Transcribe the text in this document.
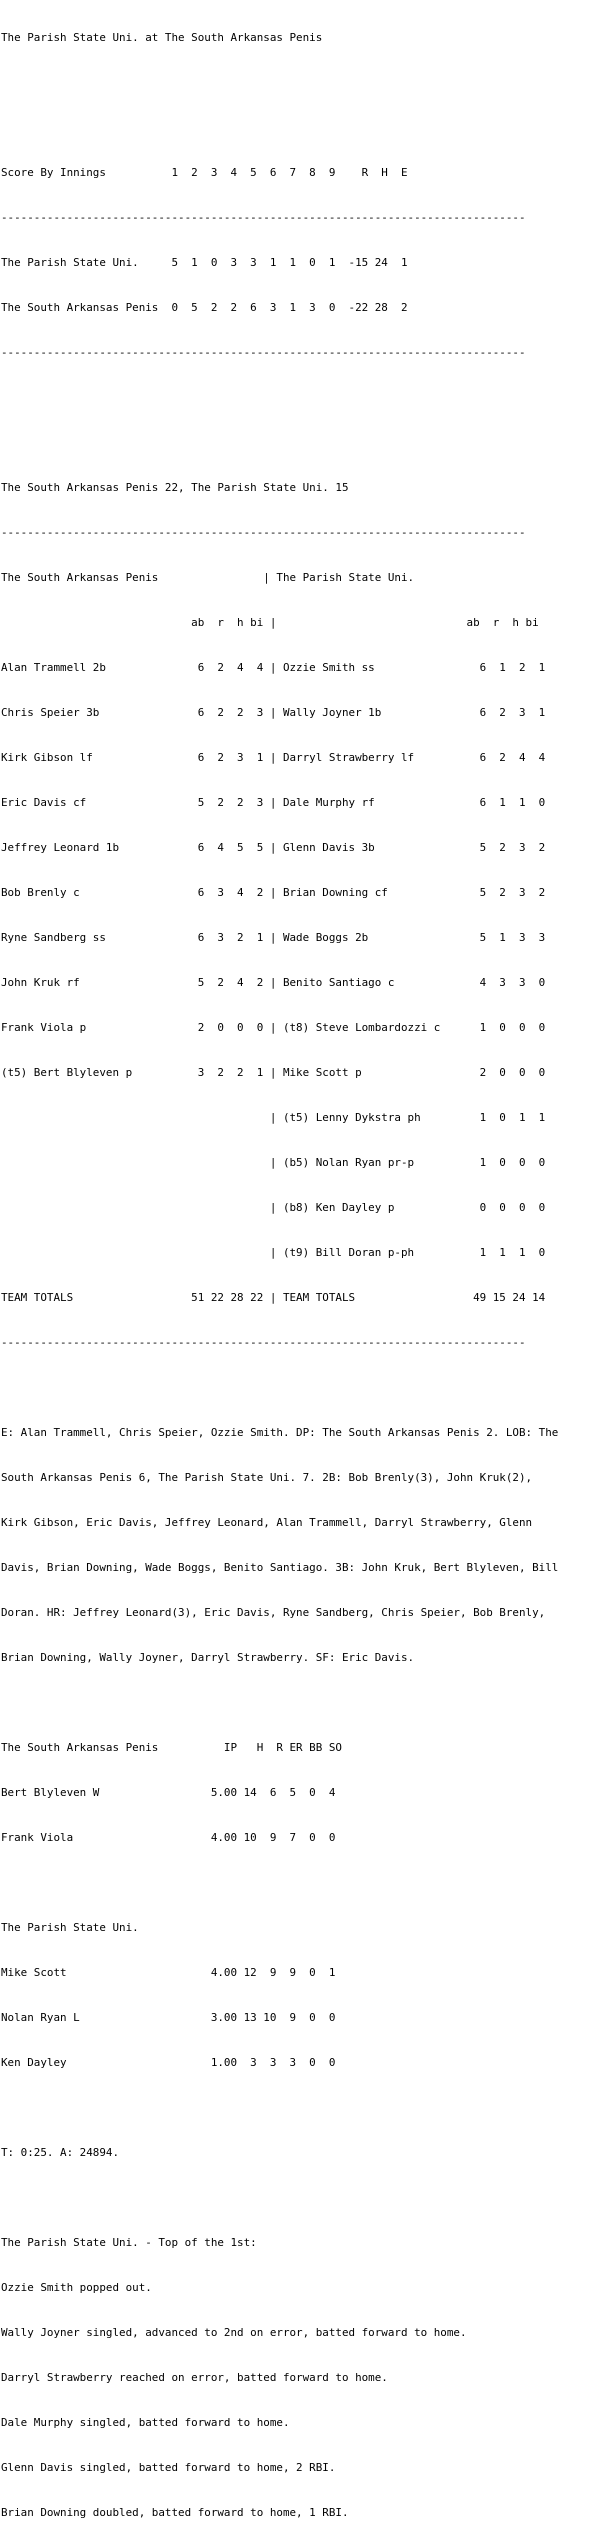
The Parish State Uni. at The South Arkansas Penis

Score By Innings          1  2  3  4  5  6  7  8  9    R  H  E

--------------------------------------------------------------------------------

The Parish State Uni.     5  1  0  3  3  1  1  0  1  -15 24  1

The South Arkansas Penis  0  5  2  2  6  3  1  3  0  -22 28  2

--------------------------------------------------------------------------------

The South Arkansas Penis 22, The Parish State Uni. 15

--------------------------------------------------------------------------------

The South Arkansas Penis                | The Parish State Uni.

ab  r  h bi |                             ab  r  h bi

Alan Trammell 2b              6  2  4  4 | Ozzie Smith ss                6  1  2  1

Chris Speier 3b               6  2  2  3 | Wally Joyner 1b               6  2  3  1

Kirk Gibson lf                6  2  3  1 | Darryl Strawberry lf          6  2  4  4

Eric Davis cf                 5  2  2  3 | Dale Murphy rf                6  1  1  0

Jeffrey Leonard 1b            6  4  5  5 | Glenn Davis 3b                5  2  3  2

Bob Brenly c                  6  3  4  2 | Brian Downing cf              5  2  3  2

Ryne Sandberg ss              6  3  2  1 | Wade Boggs 2b                 5  1  3  3

John Kruk rf                  5  2  4  2 | Benito Santiago c             4  3  3  0

Frank Viola p                 2  0  0  0 | (t8) Steve Lombardozzi c      1  0  0  0

(t5) Bert Blyleven p          3  2  2  1 | Mike Scott p                  2  0  0  0

| (t5) Lenny Dykstra ph         1  0  1  1

| (b5) Nolan Ryan pr-p          1  0  0  0

| (b8) Ken Dayley p             0  0  0  0

| (t9) Bill Doran p-ph          1  1  1  0

TEAM TOTALS                  51 22 28 22 | TEAM TOTALS                  49 15 24 14

--------------------------------------------------------------------------------

E: Alan Trammell, Chris Speier, Ozzie Smith. DP: The South Arkansas Penis 2. LOB: The

South Arkansas Penis 6, The Parish State Uni. 7. 2B: Bob Brenly(3), John Kruk(2),

Kirk Gibson, Eric Davis, Jeffrey Leonard, Alan Trammell, Darryl Strawberry, Glenn

Davis, Brian Downing, Wade Boggs, Benito Santiago. 3B: John Kruk, Bert Blyleven, Bill

Doran. HR: Jeffrey Leonard(3), Eric Davis, Ryne Sandberg, Chris Speier, Bob Brenly,

Brian Downing, Wally Joyner, Darryl Strawberry. SF: Eric Davis.

The South Arkansas Penis          IP   H  R ER BB SO

Bert Blyleven W                 5.00 14  6  5  0  4

Frank Viola                     4.00 10  9  7  0  0

The Parish State Uni.

Mike Scott                      4.00 12  9  9  0  1

Nolan Ryan L                    3.00 13 10  9  0  0

Ken Dayley                      1.00  3  3  3  0  0

T: 0:25. A: 24894.

The Parish State Uni. - Top of the 1st:

Ozzie Smith popped out.

Wally Joyner singled, advanced to 2nd on error, batted forward to home.

Darryl Strawberry reached on error, batted forward to home.

Dale Murphy singled, batted forward to home.

Glenn Davis singled, batted forward to home, 2 RBI.

Brian Downing doubled, batted forward to home, 1 RBI.
